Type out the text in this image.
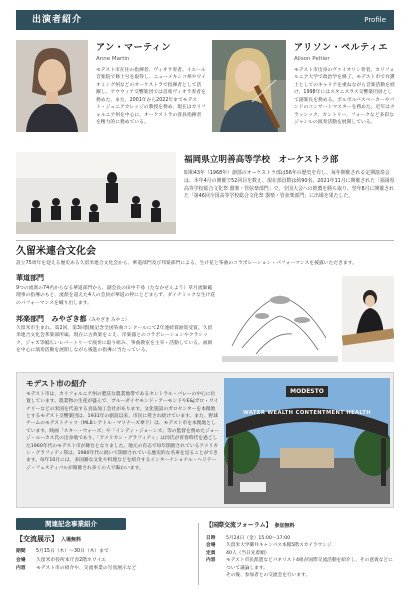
出演者紹介	Profile
アン・マーティン
Anne Martin
モデスト市在住の指揮者、ヴィオラ奏者。イエール音楽院で修士号を取得し、ニューメキシコ州やワイオミング州などのオーケストラで指揮者として活躍し、アウウィア交響楽団では首席ヴィオラ奏者を務めた。また、2001年から2022年までモデスト・ジュニアカレッジの教授を務め、現在はカリフォルニア州を中心に、オーケストラの客員指揮者を精力的に務めている。
アリソン・ペルティエ
Alison Peltier
モデスト市出身のヴァイオリン奏者。カリフォルニア大学で政治学を修了。モデスト市で弁護士としてのキャリアを重ねながら音楽活動を続け、1998年にはスタニスラス交響楽団員として副楽長を務める。ボルボルバスベーカーやバンドのコンサートマスターを務めた。近年はクラッシック、カントリー、フォークなど多彩なジャンルの演奏活動を展開している。
福岡県立明善高等学校　オーケストラ部
昭和43年（1968年）創部のオーケストラ部は56年の歴史を有し、毎年開催される定期演奏会は、本年4月の開催で52回目を数え、現在部員数は約90名。2021年11月に開催された「福岡県高等学校総合文化祭 器楽・管弦楽部門」で、全国大会への推薦を勝ち取り、翌年8月に開催された「第46回全国高等学校総合文化祭 器楽・管弦楽部門」に出場を果たした。
久留米連合文化会
設立75周年を迎える歴史ある久留米連合文化会から、華道部門及び邦楽部門による、生け花と筝曲のコラボレーション・パフォーマンスを披露いただきます。
華道部門
9つの流派の74名からなる華道部門から、副会長の田中千尋（たなかせんよう）草月流師範理事の指導のもと、流派を超えた4人の会員が華道の枠にとどまらず、ダイナミックな生け花のパフォーマンスを織り出します。
邦楽部門 みやざき都（みやざき みやこ）
久留米市生まれ。第2回、第3回賢順記念全国筝曲コンクールにて2年連続賞励賞受賞。久留米連合文化会邦楽部所属。現在に古典楽をこえ、洋楽器とのコラボレーションやクラシック、ジャズ等幅広いレパートリーで演奏に取り組み、箏曲教室を主宰・活動している。福岡を中心に演奏活動を展開しながら後進の指導に当たっている。
モデスト市の紹介
モデスト市は、カリフォルニア州の肥沃な農業地帯であるセントラル・バレーの中心に位置しています。農業物の生産が盛んで、ブルーダイヤモンド・アーモンドやE&Jガロ・ワイナリーなどの米国を代表する食品加工会社があります。文化施設のガロセンターを本拠地とするモデスト交響楽団は、1931年の創設以来、市民に愛され続けています。また、野球チームのモデストナッツ（MLBシアトル・マリナーズ傘下）は、モデスト市を本拠地としています。映画「スター・ウォーズ」や「インディ・ジョーンズ」等の監督を務めたジョージ・ルーカス氏の出身地であり、「アメリカン・グラフィティ」は同氏が青春時代を過ごした1960年代のモデスト市が舞台となりました。地元の有志で毎年開催されているアメリカン・グラフィティ祭は、1980年代に続いて開催されている歴史的な名車を見ることができます。毎年10月には、多国籍な文化や料理などを紹介するインターナショナル・ヘリテージ・フェスティバルが開催され多くの人で賑わいます。
MODESTO
WATER WEALTH CONTENTMENT HEALTH
関連記念事業紹介
【交流展示】 入場無料
期間 5月15日（木）～30日（木）まで
会場 久留米市役所本庁舎2階ホワイエ
内容 モデスト市の紹介や、交流事業の写真展示など
【国際交流フォーラム】 参加無料
日時 5月24日（金）15:00～17:00
会場 久留米大学御井キャンパス本館5階スカイラウンジ
定員 40人（当日先着順）
内容	モデスト市民派遣などパネリスト4組が国際交流活動を紹介し、その意義などについて議論します。
その後、参加者との交流会を行います。
